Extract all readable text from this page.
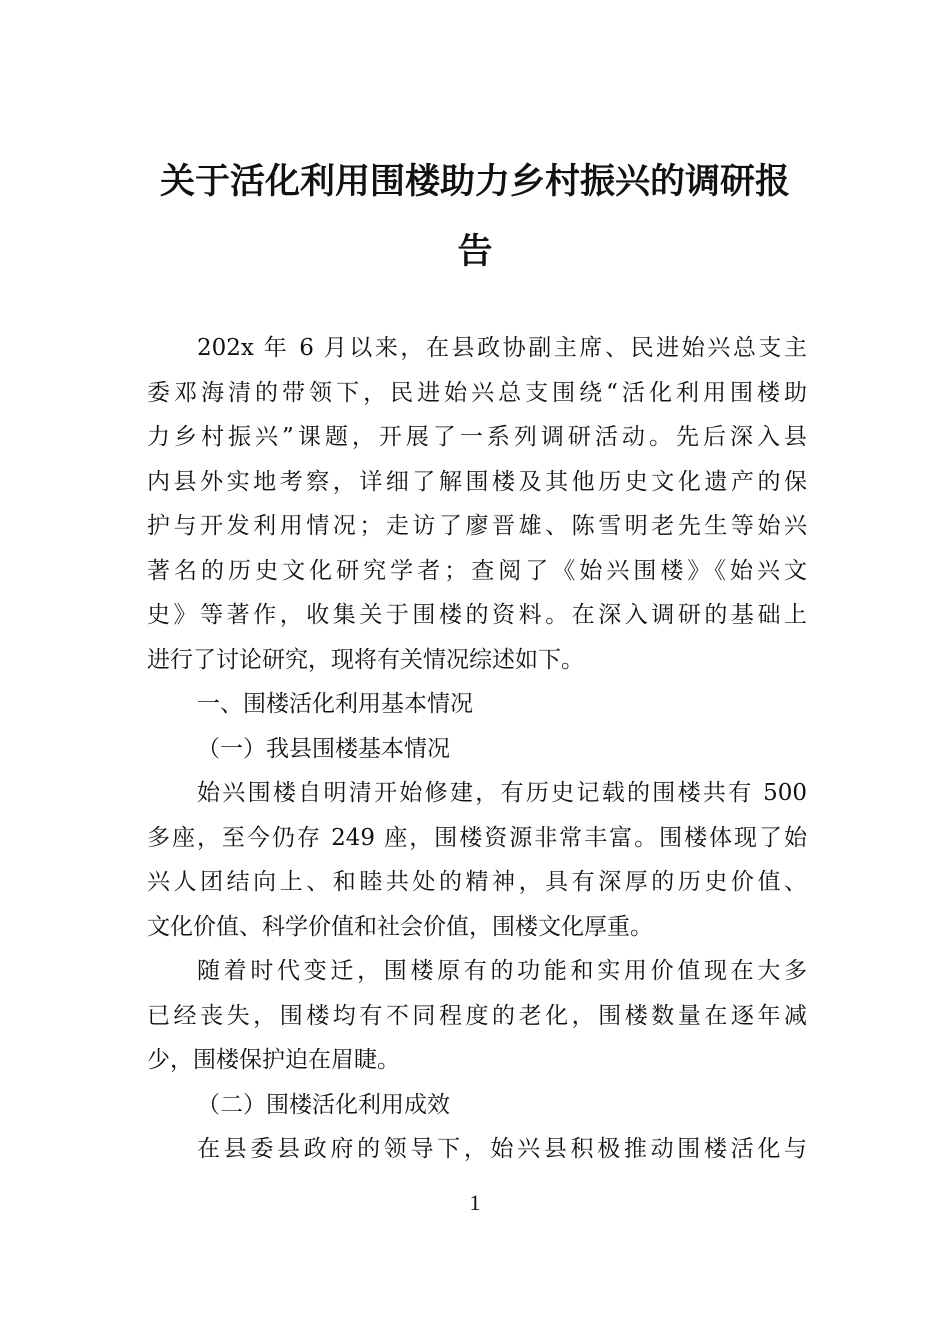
关于活化利用围楼助力乡村振兴的调研报
告
202x 年 6 月以来，在县政协副主席、民进始兴总支主
委邓海清的带领下，民进始兴总支围绕“活化利用围楼助
力乡村振兴”课题，开展了一系列调研活动。先后深入县
内县外实地考察，详细了解围楼及其他历史文化遗产的保
护与开发利用情况；走访了廖晋雄、陈雪明老先生等始兴
著名的历史文化研究学者；查阅了《始兴围楼》《始兴文
史》等著作，收集关于围楼的资料。在深入调研的基础上
进行了讨论研究，现将有关情况综述如下。
一、围楼活化利用基本情况
（一）我县围楼基本情况
始兴围楼自明清开始修建，有历史记载的围楼共有 500
多座，至今仍存 249 座，围楼资源非常丰富。围楼体现了始
兴人团结向上、和睦共处的精神，具有深厚的历史价值、
文化价值、科学价值和社会价值，围楼文化厚重。
随着时代变迁，围楼原有的功能和实用价值现在大多
已经丧失，围楼均有不同程度的老化，围楼数量在逐年减
少，围楼保护迫在眉睫。
（二）围楼活化利用成效
在县委县政府的领导下，始兴县积极推动围楼活化与
1
